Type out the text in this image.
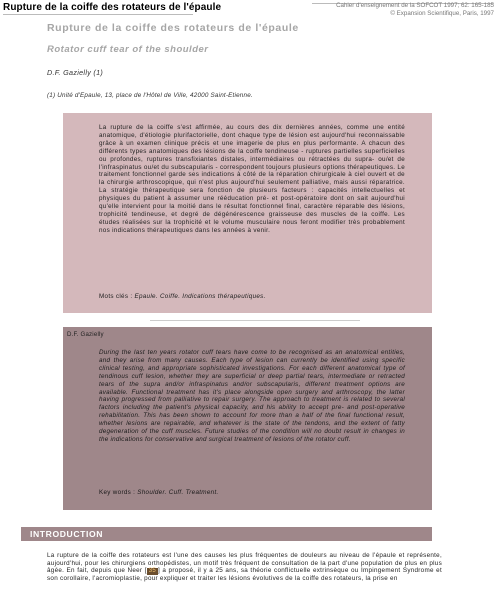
Rupture de la coiffe des rotateurs de l'épaule	Cahier d'enseignement de la SOFCOT 1997; 62: 165-185
© Expansion Scientifique, Paris, 1997
Rupture de la coiffe des rotateurs de l'épaule
Rotator cuff tear of the shoulder
D.F. Gazielly (1)
(1) Unité d'Epaule, 13, place de l'Hôtel de Ville, 42000 Saint-Etienne.
La rupture de la coiffe s'est affirmée, au cours des dix dernières années, comme une entité anatomique, d'étiologie plurifactorielle, dont chaque type de lésion est aujourd'hui reconnaissable grâce à un examen clinique précis et une imagerie de plus en plus performante. A chacun des différents types anatomiques des lésions de la coiffe tendineuse - ruptures partielles superficielles ou profondes, ruptures transfixiantes distales, intermédiaires ou rétractées du supra- ou/et de l'infraspinatus ou/et du subscapularis - correspondent toujours plusieurs options thérapeutiques. Le traitement fonctionnel garde ses indications à côté de la réparation chirurgicale à ciel ouvert et de la chirurgie arthroscopique, qui n'est plus aujourd'hui seulement palliative, mais aussi réparatrice. La stratégie thérapeutique sera fonction de plusieurs facteurs : capacités intellectuelles et physiques du patient à assumer une rééducation pré- et post-opératoire dont on sait aujourd'hui qu'elle intervient pour la moitié dans le résultat fonctionnel final, caractère réparable des lésions, trophicité tendineuse, et degré de dégénérescence graisseuse des muscles de la coiffe. Les études réalisées sur la trophicité et le volume musculaire nous feront modifier très probablement nos indications thérapeutiques dans les années à venir.
Mots clés : Epaule. Coiffe. Indications thérapeutiques.
D.F. Gazielly
During the last ten years rotator cuff tears have come to be recognised as an anatomical entities, and they arise from many causes. Each type of lesion can currently be identified using specific clinical testing, and appropriate sophisticated investigations. For each different anatomical type of tendinous cuff lesion, whether they are superficial or deep partial tears, intermediate or retracted tears of the supra and/or infraspinatus and/or subscapularis, different treatment options are available. Functional treatment has it's place alongside open surgery and arthroscopy, the latter having progressed from palliative to repair surgery. The approach to treatment is related to several factors including the patient's physical capacity, and his ability to accept pre- and post-operative rehabilitation. This has been shown to account for more than a half of the final functional result, whether lesions are repairable, and whatever is the state of the tendons, and the extent of fatty degeneration of the cuff muscles. Future studies of the condition will no doubt result in changes in the indications for conservative and surgical treatment of lesions of the rotator cuff.
Key words : Shoulder. Cuff. Treatment.
INTRODUCTION
La rupture de la coiffe des rotateurs est l'une des causes les plus fréquentes de douleurs au niveau de l'épaule et représente, aujourd'hui, pour les chirurgiens orthopédistes, un motif très fréquent de consultation de la part d'une population de plus en plus âgée. En fait, depuis que Neer [ 35 ] a proposé, il y a 25 ans, sa théorie conflictuelle extrinsèque ou Impingement Syndrome et son corollaire, l'acromioplastie, pour expliquer et traiter les lésions évolutives de la coiffe des rotateurs, la prise en
